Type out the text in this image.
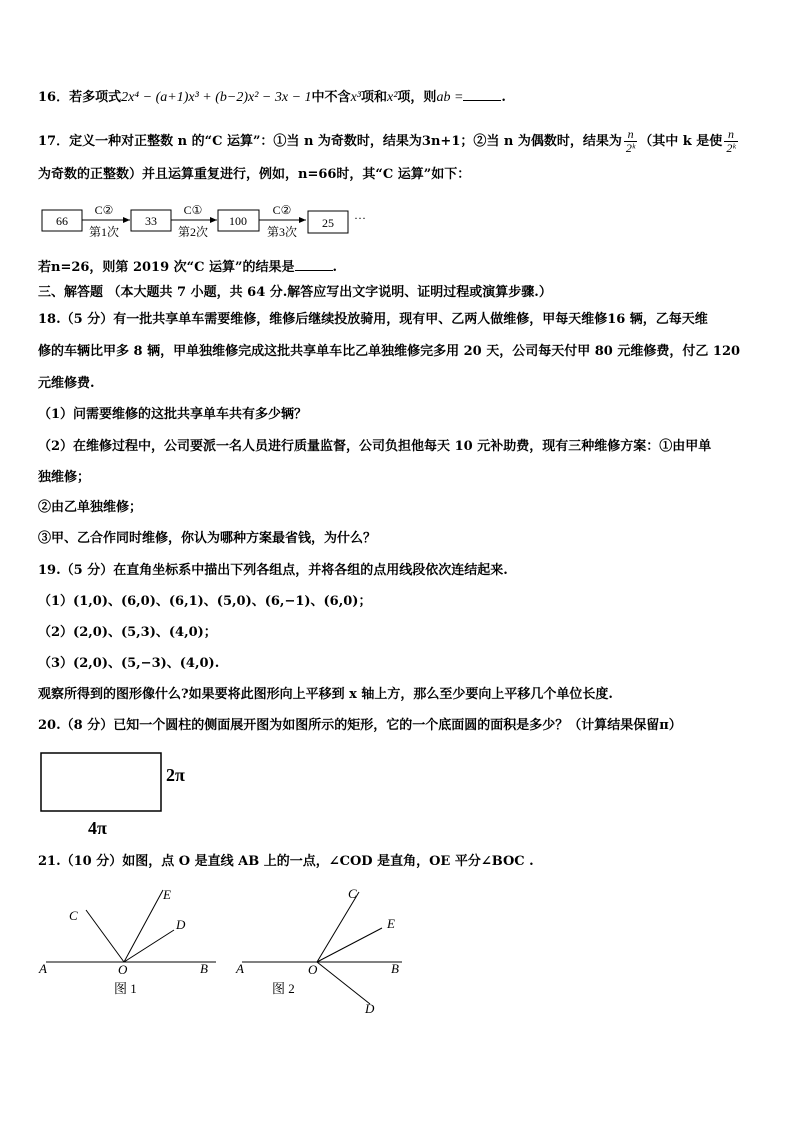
16．若多项式2x⁴ − (a+1)x³ + (b−2)x² − 3x − 1中不含x³项和x²项，则ab =	.
17．定义一种对正整数 n 的“C 运算”：①当 n 为奇数时，结果为3n+1；②当 n 为偶数时，结果为 $\frac{n}{\text{2ᵏ}}$ （其中 k 是使 $\frac{n}{\text{2ᵏ}}$
为奇数的正整数）并且运算重复进行，例如，n=66时，其“C 运算”如下：
66
C②
第1次
33
C①
第2次
100
C②
第3次
25 ···
若n=26，则第 2019 次“C 运算”的结果是	.
三、解答题 （本大题共 7 小题，共 64 分.解答应写出文字说明、证明过程或演算步骤.）
18.（5 分）有一批共享单车需要维修，维修后继续投放骑用，现有甲、乙两人做维修，甲每天维修16 辆，乙每天维
修的车辆比甲多 8 辆，甲单独维修完成这批共享单车比乙单独维修完多用 20 天，公司每天付甲 80 元维修费，付乙 120
元维修费.
（1）问需要维修的这批共享单车共有多少辆？
（2）在维修过程中，公司要派一名人员进行质量监督，公司负担他每天 10 元补助费，现有三种维修方案：①由甲单
独维修；
②由乙单独维修；
③甲、乙合作同时维修，你认为哪种方案最省钱，为什么？
19.（5 分）在直角坐标系中描出下列各组点，并将各组的点用线段依次连结起来.
（1）(1,0)、(6,0)、(6,1)、(5,0)、(6,−1)、(6,0)；
（2）(2,0)、(5,3)、(4,0)；
（3）(2,0)、(5,−3)、(4,0).
观察所得到的图形像什么?如果要将此图形向上平移到 x 轴上方，那么至少要向上平移几个单位长度.
20.（8 分）已知一个圆柱的侧面展开图为如图所示的矩形，它的一个底面圆的面积是多少？（计算结果保留π）
2π
4π
21.（10 分）如图，点 O 是直线 AB 上的一点，∠COD 是直角，OE 平分∠BOC .
A	O	B
C
E
D
图 1
A	O	B
C
E
D
图 2
